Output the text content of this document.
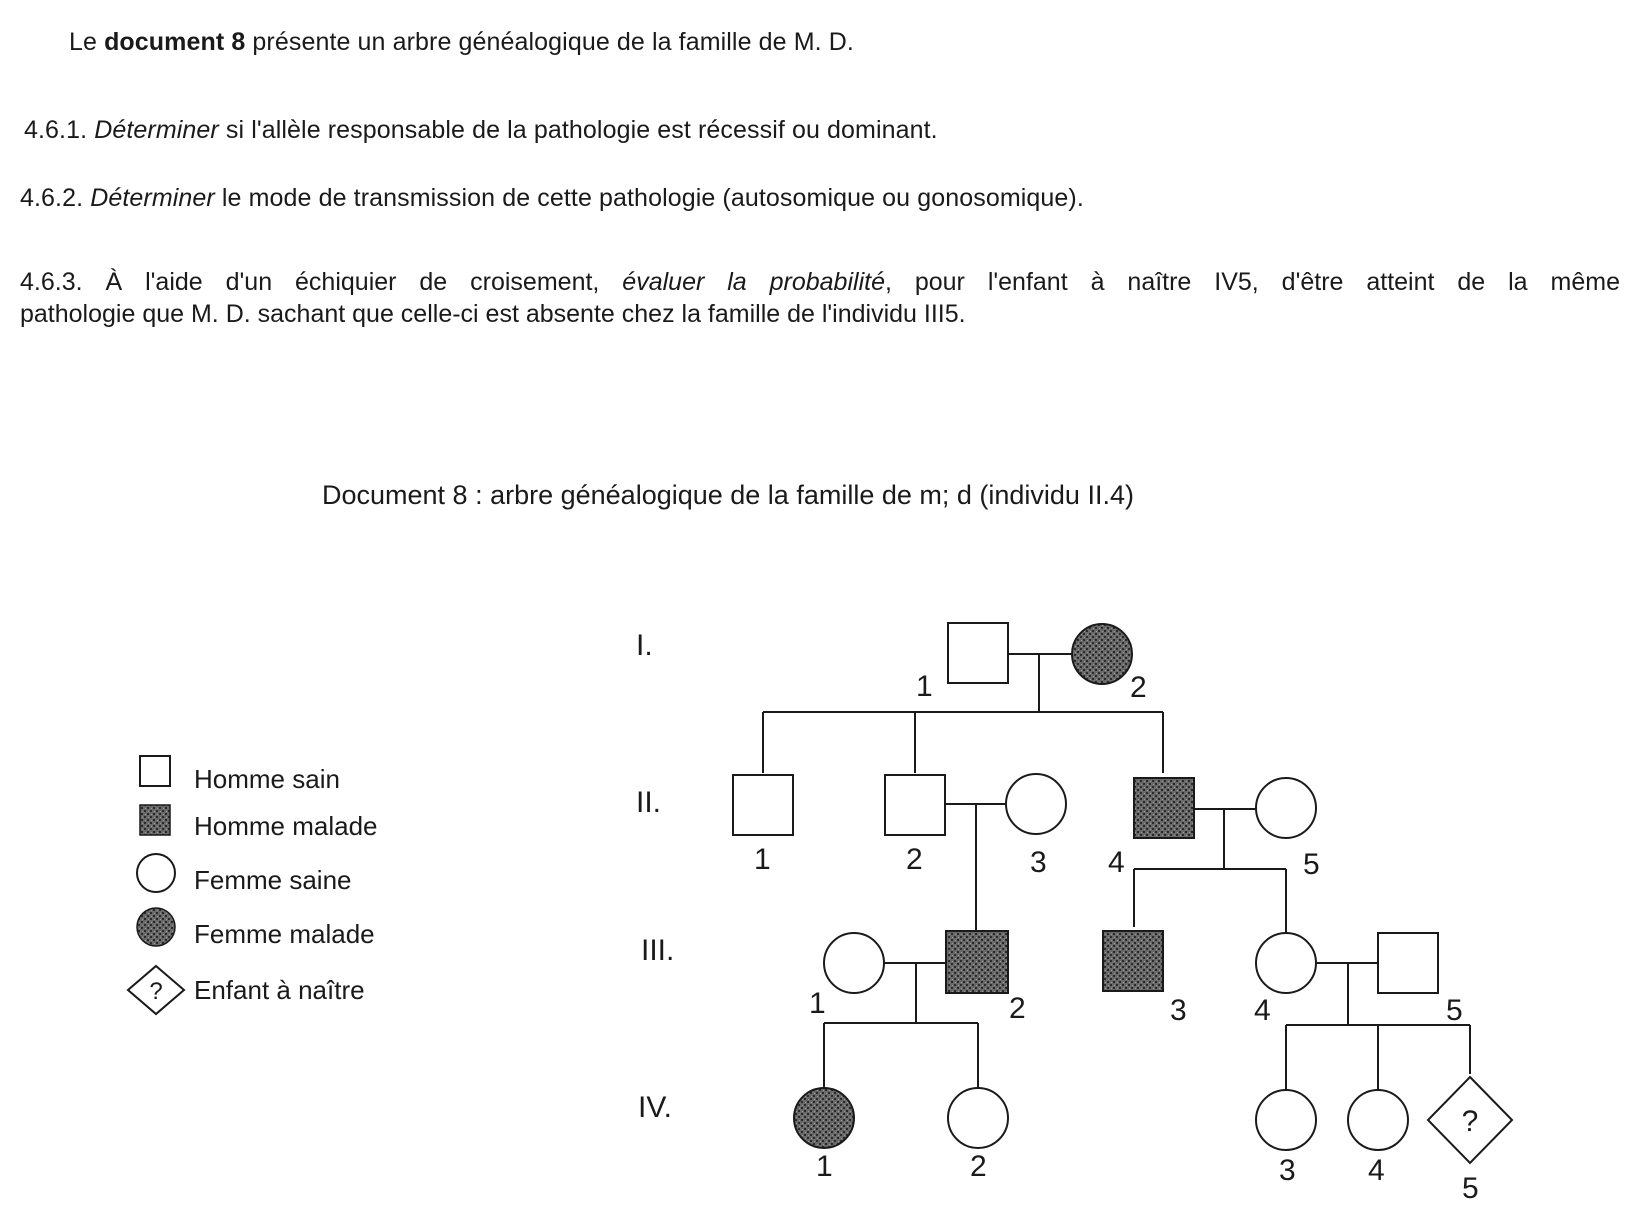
Le document 8 présente un arbre généalogique de la famille de M. D.
4.6.1. Déterminer si l'allèle responsable de la pathologie est récessif ou dominant.
4.6.2. Déterminer le mode de transmission de cette pathologie (autosomique ou gonosomique).
4.6.3. À l'aide d'un échiquier de croisement, évaluer la probabilité, pour l'enfant à naître IV5, d'être atteint de la même
pathologie que M. D. sachant que celle-ci est absente chez la famille de l'individu III5.
Document 8 : arbre généalogique de la famille de m; d (individu II.4)
I.
II.
III.
IV.
Homme sain
Homme malade
Femme saine
Femme malade
? Enfant à naître
?
1	2
1	2	3 4	5
1	2	3 4	5
1	2	3 4
5
